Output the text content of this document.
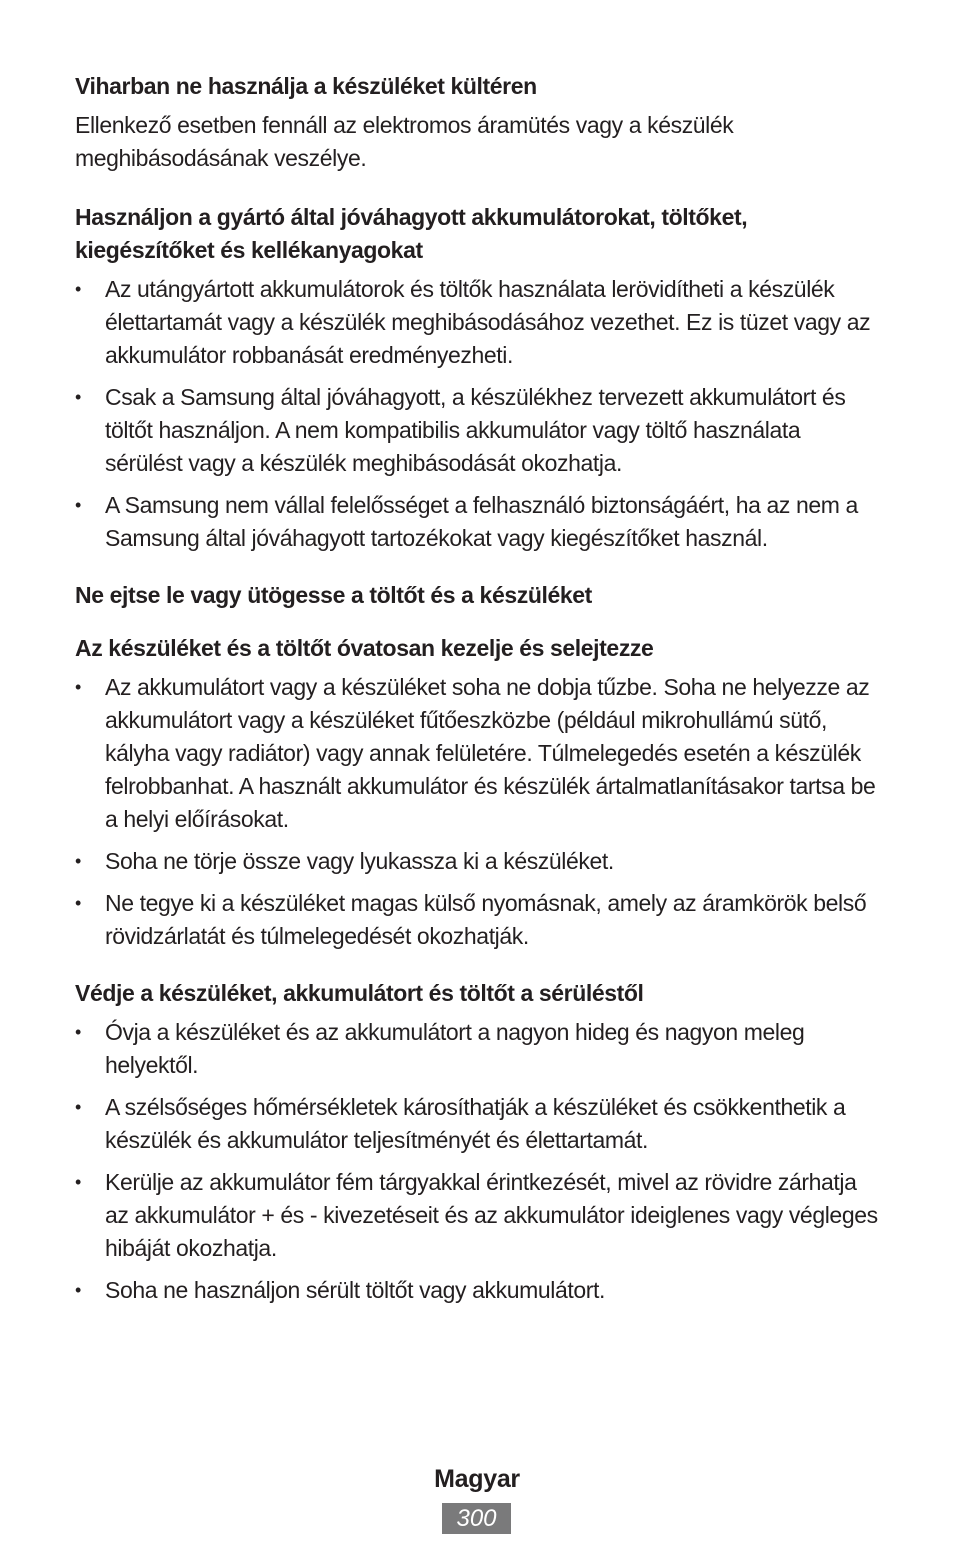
Viharban ne használja a készüléket kültéren

Ellenkező esetben fennáll az elektromos áramütés vagy a készülék meghibásodásának veszélye.

Használjon a gyártó által jóváhagyott akkumulátorokat, töltőket, kiegészítőket és kellékanyagokat
•	Az utángyártott akkumulátorok és töltők használata lerövidítheti a készülék élettartamát vagy a készülék meghibásodásához vezethet. Ez is tüzet vagy az akkumulátor robbanását eredményezheti.
•	Csak a Samsung által jóváhagyott, a készülékhez tervezett akkumulátort és töltőt használjon. A nem kompatibilis akkumulátor vagy töltő használata sérülést vagy a készülék meghibásodását okozhatja.
•	A Samsung nem vállal felelősséget a felhasználó biztonságáért, ha az nem a Samsung által jóváhagyott tartozékokat vagy kiegészítőket használ.
Ne ejtse le vagy ütögesse a töltőt és a készüléket
Az készüléket és a töltőt óvatosan kezelje és selejtezze
•	Az akkumulátort vagy a készüléket soha ne dobja tűzbe. Soha ne helyezze az akkumulátort vagy a készüléket fűtőeszközbe (például mikrohullámú sütő, kályha vagy radiátor) vagy annak felületére. Túlmelegedés esetén a készülék felrobbanhat. A használt akkumulátor és készülék ártalmatlanításakor tartsa be a helyi előírásokat.
•	Soha ne törje össze vagy lyukassza ki a készüléket.
•	Ne tegye ki a készüléket magas külső nyomásnak, amely az áramkörök belső rövidzárlatát és túlmelegedését okozhatják.
Védje a készüléket, akkumulátort és töltőt a sérüléstől
•	Óvja a készüléket és az akkumulátort a nagyon hideg és nagyon meleg helyektől.
•	A szélsőséges hőmérsékletek károsíthatják a készüléket és csökkenthetik a készülék és akkumulátor teljesítményét és élettartamát.
•	Kerülje az akkumulátor fém tárgyakkal érintkezését, mivel az rövidre zárhatja az akkumulátor + és - kivezetéseit és az akkumulátor ideiglenes vagy végleges hibáját okozhatja.
•	Soha ne használjon sérült töltőt vagy akkumulátort.
Magyar
300
